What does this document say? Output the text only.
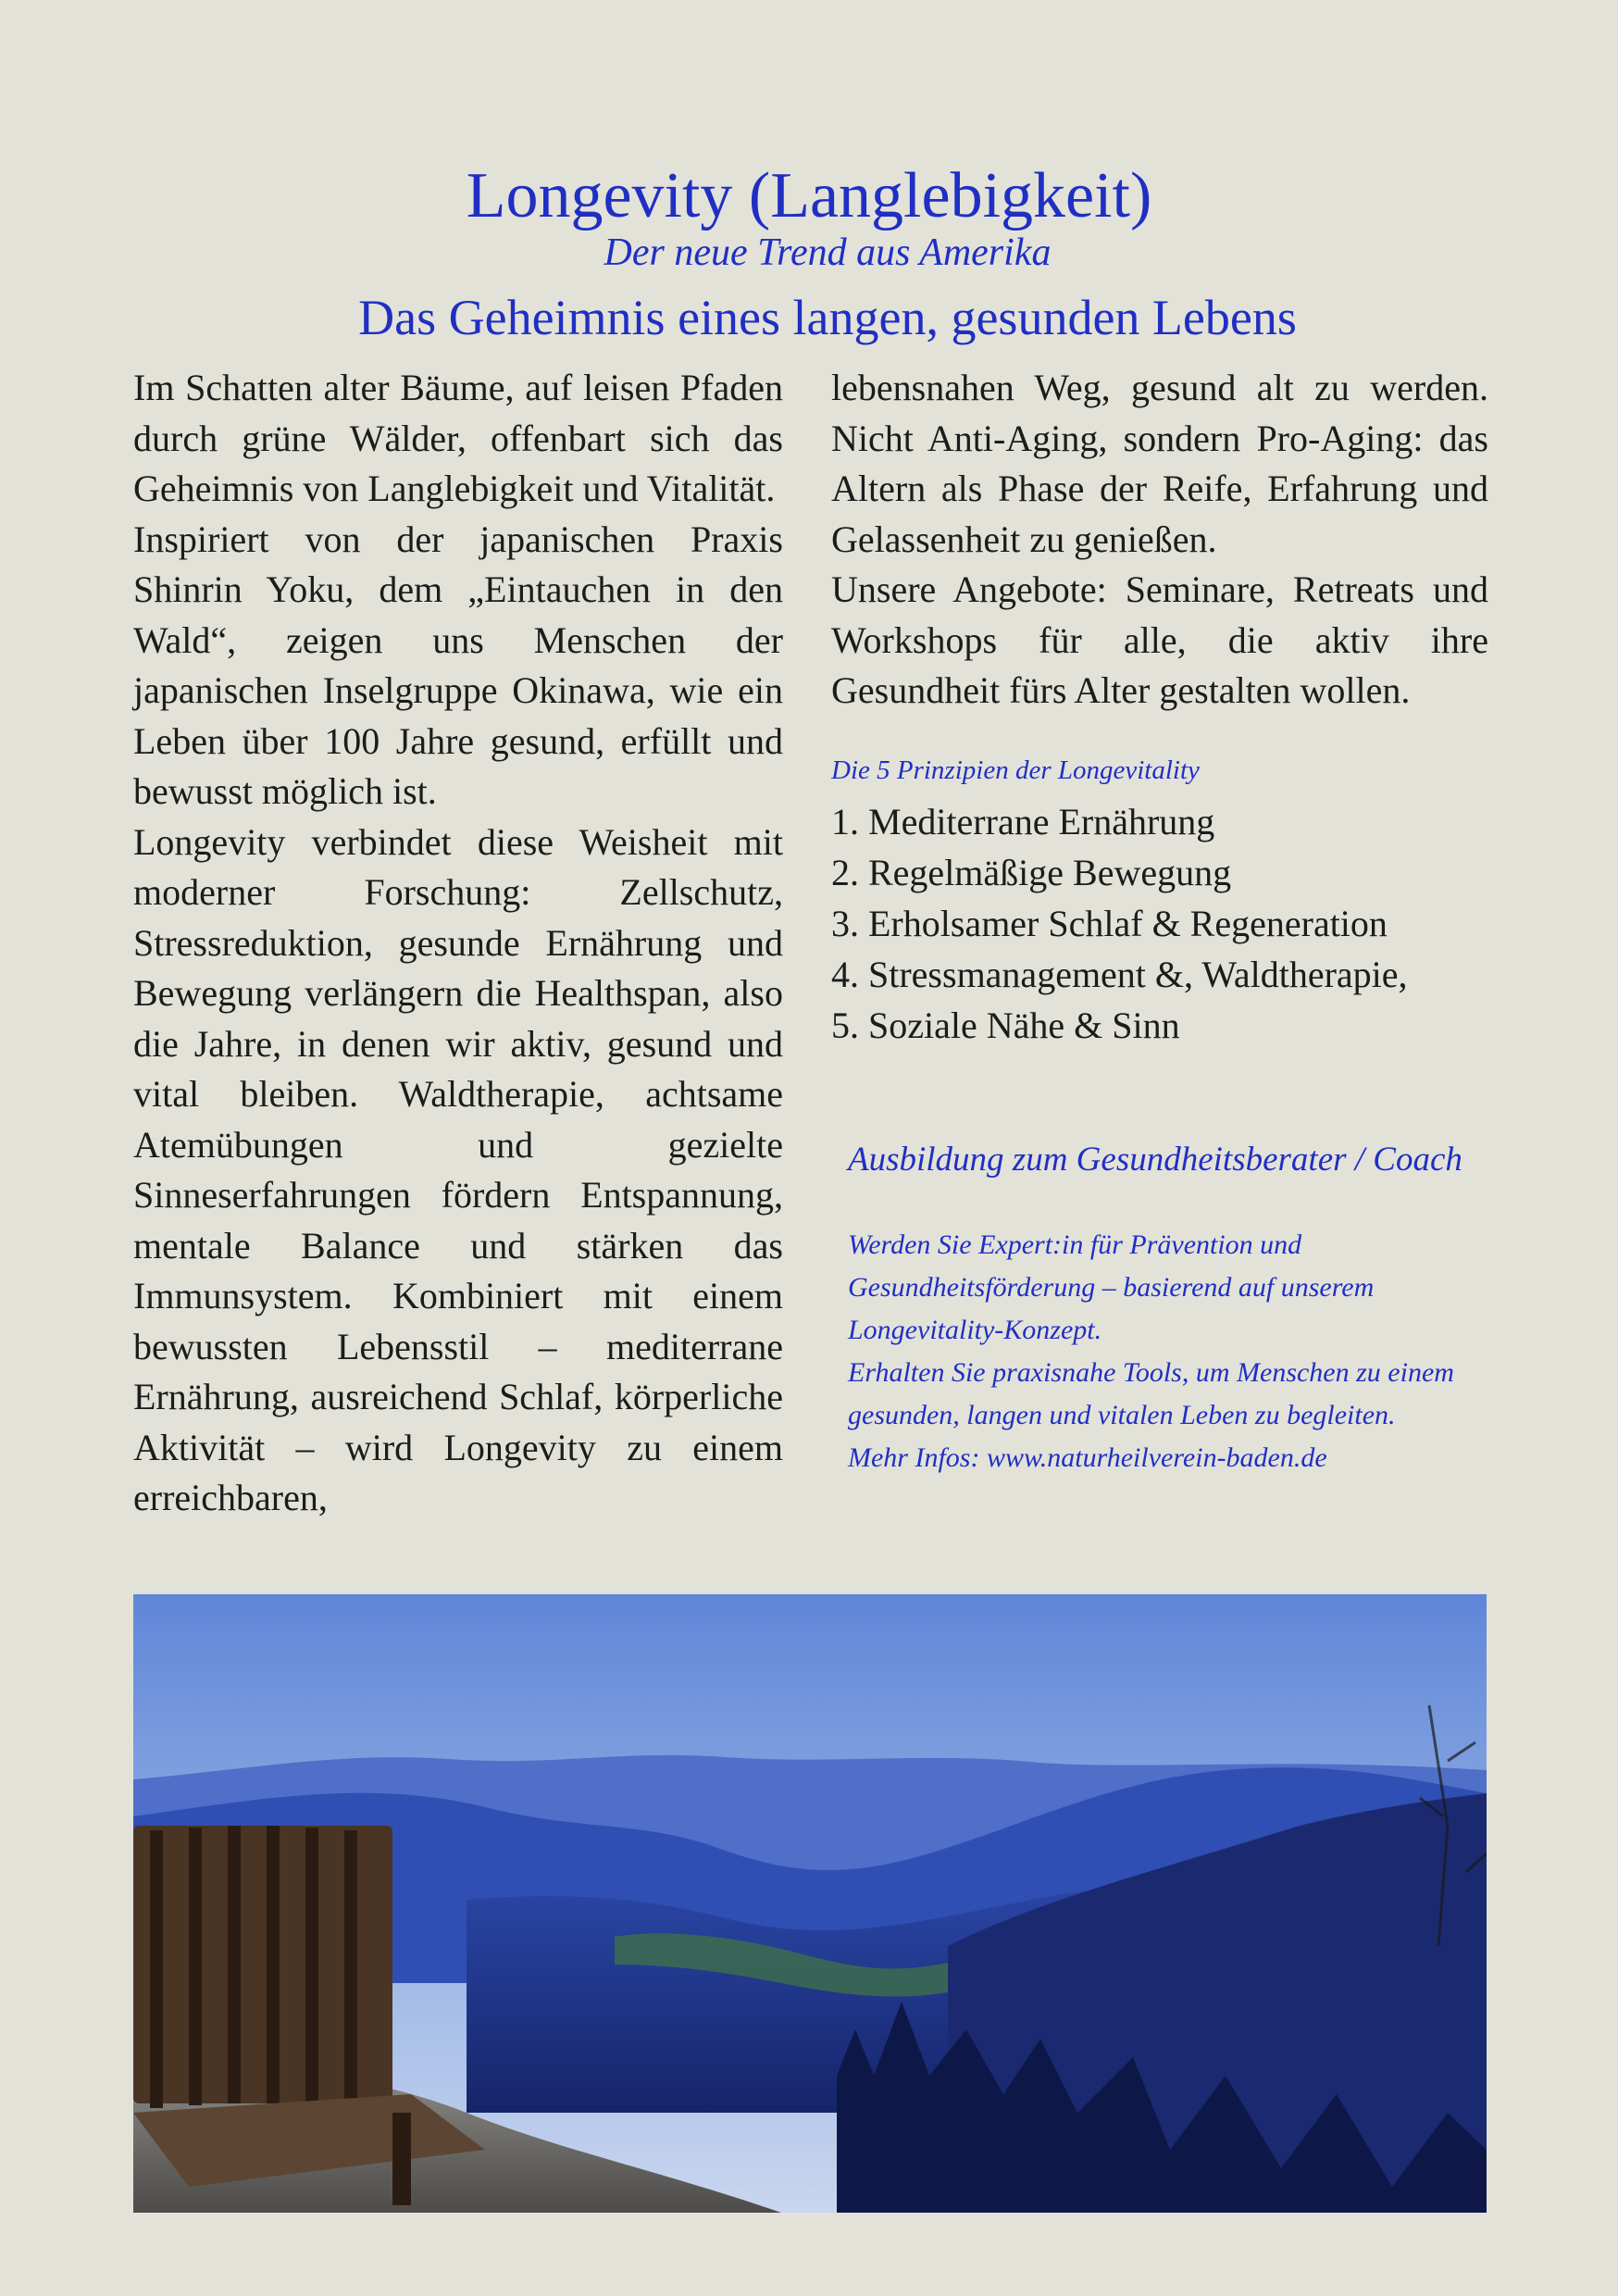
Longevity (Langlebigkeit)
Der neue Trend aus Amerika
Das Geheimnis eines langen, gesunden Lebens

Im Schatten alter Bäume, auf leisen Pfaden durch grüne Wälder, offenbart sich das Geheimnis von Langlebigkeit und Vitalität.

Inspiriert von der japanischen Praxis Shinrin Yoku, dem „Eintauchen in den Wald“, zeigen uns Menschen der japanischen Inselgruppe Okinawa, wie ein Leben über 100 Jahre gesund, erfüllt und bewusst möglich ist.

Longevity verbindet diese Weisheit mit moderner Forschung: Zellschutz, Stressreduktion, gesunde Ernährung und Bewegung verlängern die Healthspan, also die Jahre, in denen wir aktiv, gesund und vital bleiben. Waldtherapie, achtsame Atemübungen und gezielte Sinneserfahrungen fördern Entspannung, mentale Balance und stärken das Immunsystem. Kombiniert mit einem bewussten Lebensstil – mediterrane Ernährung, ausreichend Schlaf, körperliche Aktivität – wird Longevity zu einem erreichbaren,

lebensnahen Weg, gesund alt zu werden. Nicht Anti-Aging, sondern Pro-Aging: das Altern als Phase der Reife, Erfahrung und Gelassenheit zu genießen.

Unsere Angebote: Seminare, Retreats und Workshops für alle, die aktiv ihre Gesundheit fürs Alter gestalten wollen.

Die 5 Prinzipien der Longevitality
1. Mediterrane Ernährung
2. Regelmäßige Bewegung
3. Erholsamer Schlaf & Regeneration
4. Stressmanagement &, Waldtherapie,
5. Soziale Nähe & Sinn
Ausbildung zum Gesundheitsberater / Coach

Werden Sie Expert:in für Prävention und Gesundheitsförderung – basierend auf unserem Longevitality-Konzept.

Erhalten Sie praxisnahe Tools, um Menschen zu einem gesunden, langen und vitalen Leben zu begleiten.

Mehr Infos: www.naturheilverein-baden.de
